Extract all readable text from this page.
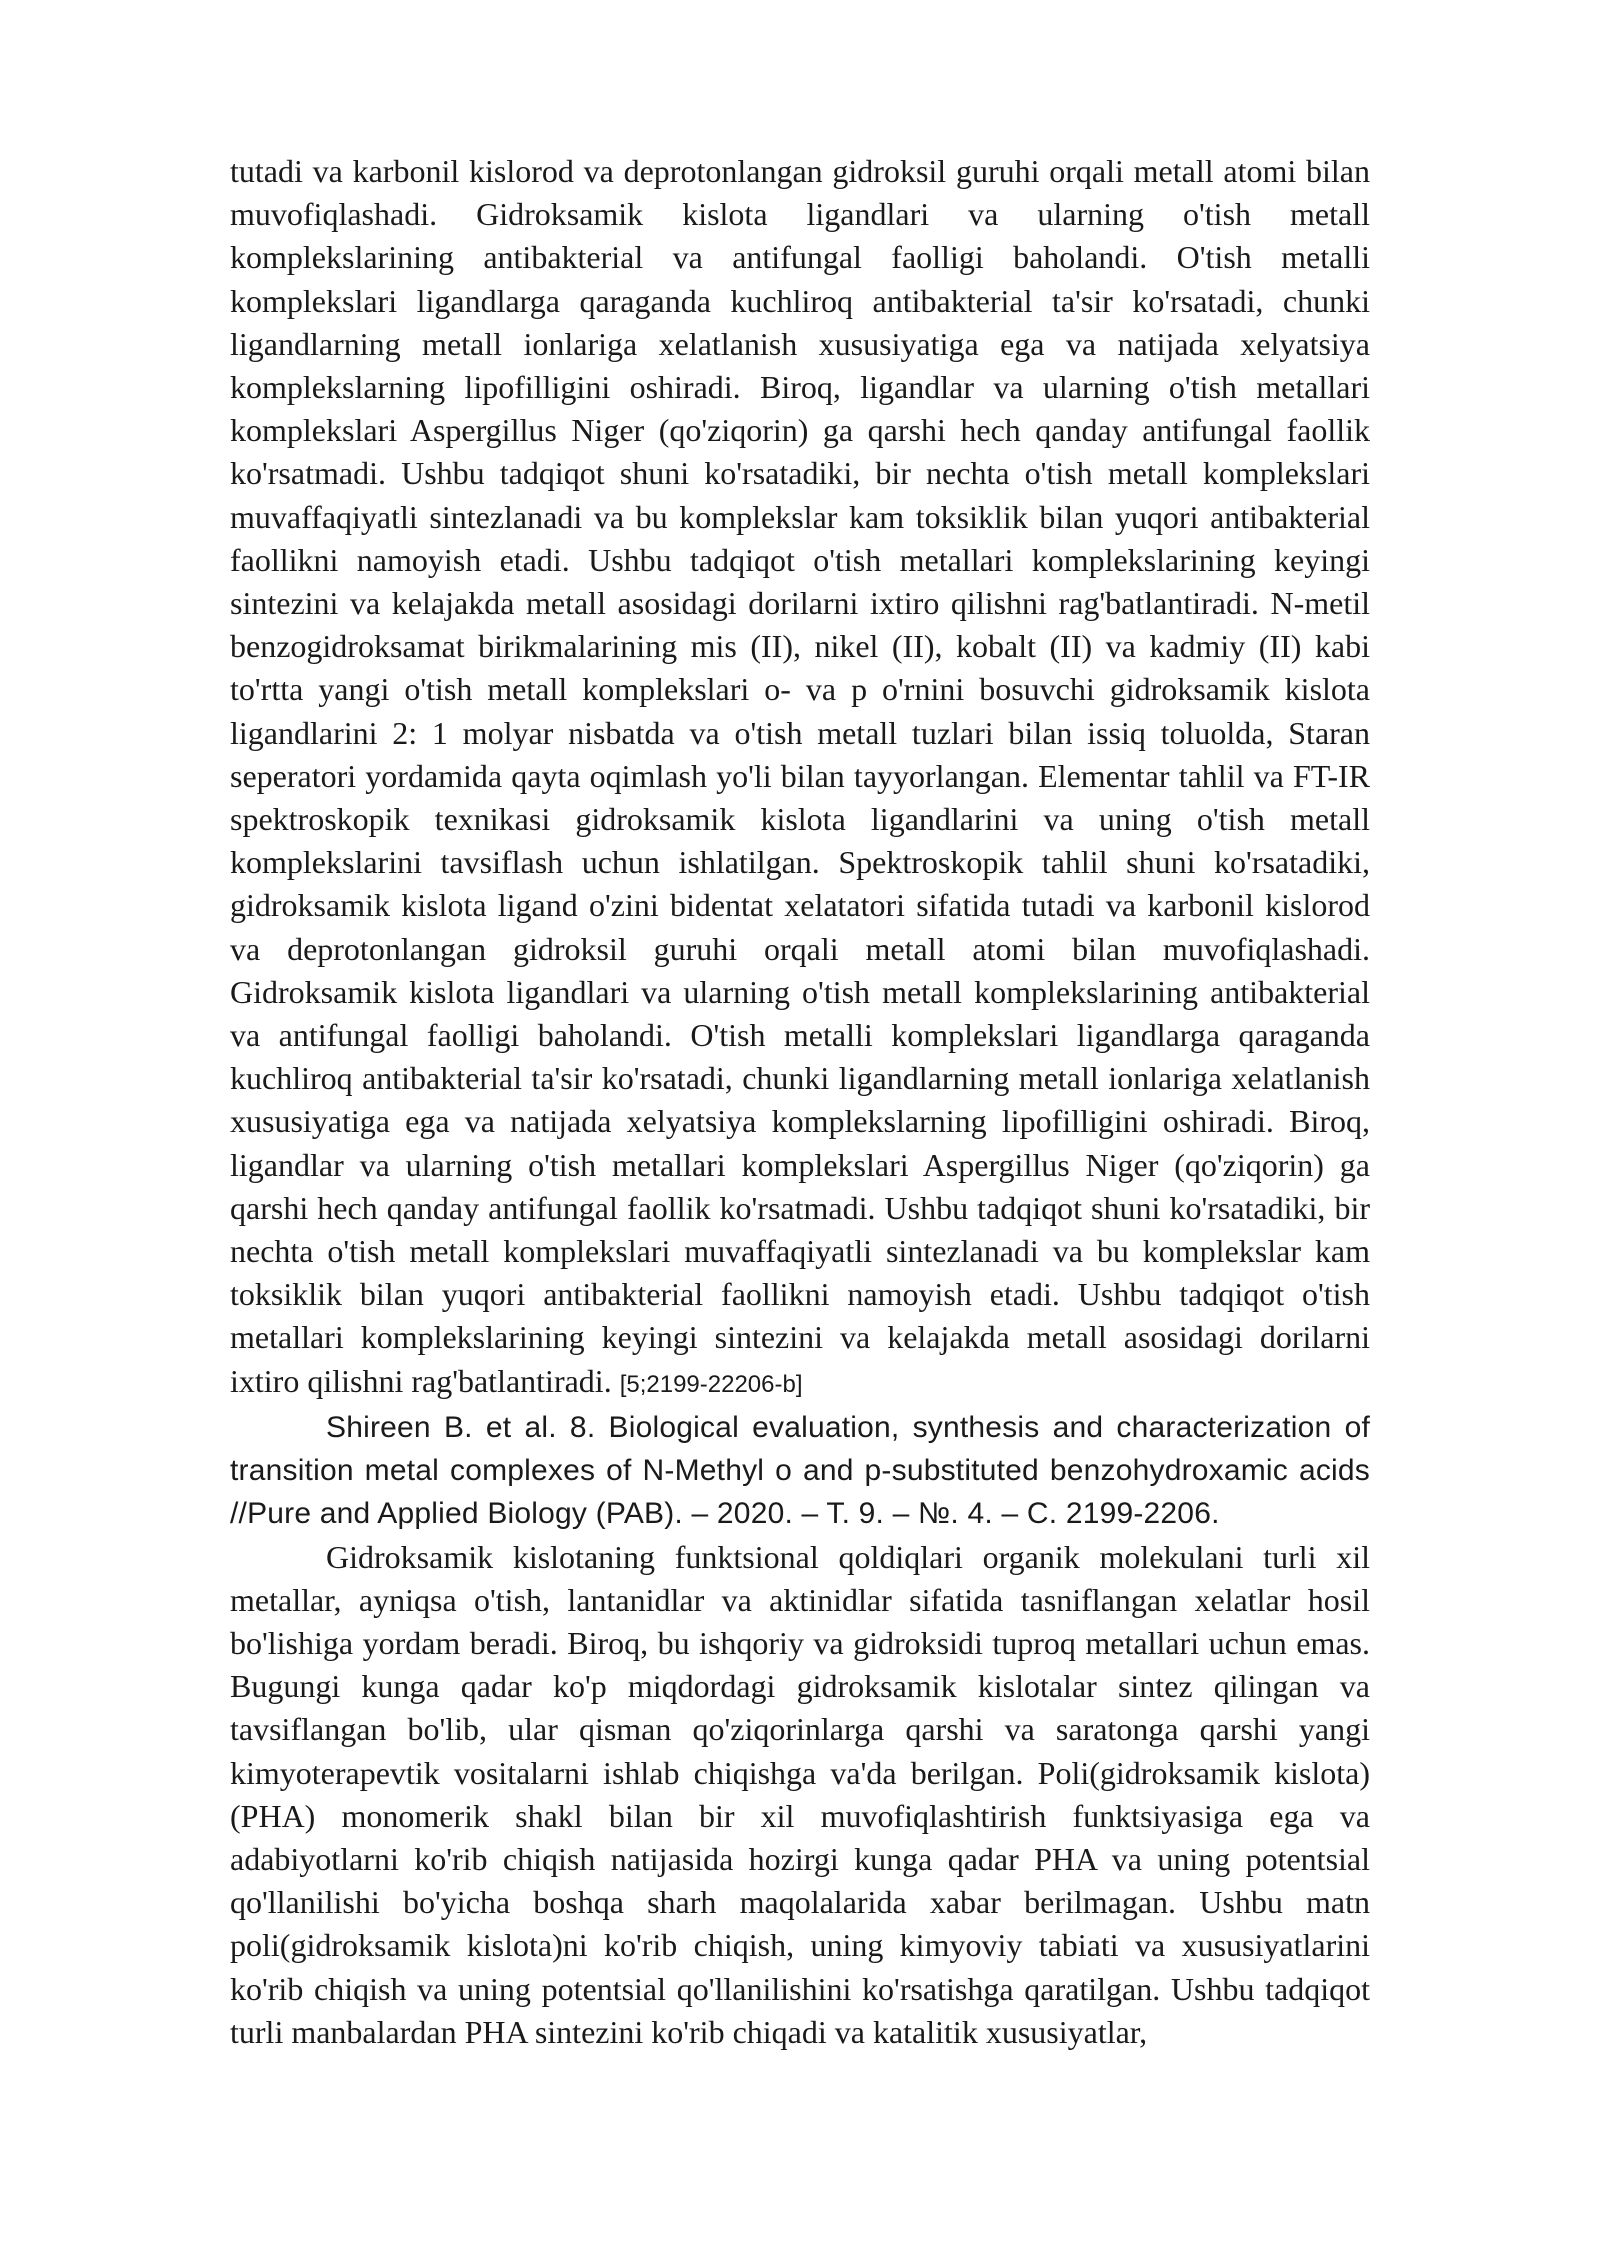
tutadi va karbonil kislorod va deprotonlangan gidroksil guruhi orqali metall atomi bilan muvofiqlashadi. Gidroksamik kislota ligandlari va ularning o'tish metall komplekslarining antibakterial va antifungal faolligi baholandi. O'tish metalli komplekslari ligandlarga qaraganda kuchliroq antibakterial ta'sir ko'rsatadi, chunki ligandlarning metall ionlariga xelatlanish xususiyatiga ega va natijada xelyatsiya komplekslarning lipofilligini oshiradi. Biroq, ligandlar va ularning o'tish metallari komplekslari Aspergillus Niger (qo'ziqorin) ga qarshi hech qanday antifungal faollik ko'rsatmadi. Ushbu tadqiqot shuni ko'rsatadiki, bir nechta o'tish metall komplekslari muvaffaqiyatli sintezlanadi va bu komplekslar kam toksiklik bilan yuqori antibakterial faollikni namoyish etadi. Ushbu tadqiqot o'tish metallari komplekslarining keyingi sintezini va kelajakda metall asosidagi dorilarni ixtiro qilishni rag'batlantiradi. N-metil benzogidroksamat birikmalarining mis (II), nikel (II), kobalt (II) va kadmiy (II) kabi to'rtta yangi o'tish metall komplekslari o- va p o'rnini bosuvchi gidroksamik kislota ligandlarini 2: 1 molyar nisbatda va o'tish metall tuzlari bilan issiq toluolda, Staran seperatori yordamida qayta oqimlash yo'li bilan tayyorlangan. Elementar tahlil va FT-IR spektroskopik texnikasi gidroksamik kislota ligandlarini va uning o'tish metall komplekslarini tavsiflash uchun ishlatilgan. Spektroskopik tahlil shuni ko'rsatadiki, gidroksamik kislota ligand o'zini bidentat xelatatori sifatida tutadi va karbonil kislorod va deprotonlangan gidroksil guruhi orqali metall atomi bilan muvofiqlashadi. Gidroksamik kislota ligandlari va ularning o'tish metall komplekslarining antibakterial va antifungal faolligi baholandi. O'tish metalli komplekslari ligandlarga qaraganda kuchliroq antibakterial ta'sir ko'rsatadi, chunki ligandlarning metall ionlariga xelatlanish xususiyatiga ega va natijada xelyatsiya komplekslarning lipofilligini oshiradi. Biroq, ligandlar va ularning o'tish metallari komplekslari Aspergillus Niger (qo'ziqorin) ga qarshi hech qanday antifungal faollik ko'rsatmadi. Ushbu tadqiqot shuni ko'rsatadiki, bir nechta o'tish metall komplekslari muvaffaqiyatli sintezlanadi va bu komplekslar kam toksiklik bilan yuqori antibakterial faollikni namoyish etadi. Ushbu tadqiqot o'tish metallari komplekslarining keyingi sintezini va kelajakda metall asosidagi dorilarni ixtiro qilishni rag'batlantiradi. [5;2199-22206-b]

Shireen B. et al. 8. Biological evaluation, synthesis and characterization of transition metal complexes of N-Methyl o and p-substituted benzohydroxamic acids //Pure and Applied Biology (PAB). – 2020. – T. 9. – №. 4. – C. 2199-2206.

Gidroksamik kislotaning funktsional qoldiqlari organik molekulani turli xil metallar, ayniqsa o'tish, lantanidlar va aktinidlar sifatida tasniflangan xelatlar hosil bo'lishiga yordam beradi. Biroq, bu ishqoriy va gidroksidi tuproq metallari uchun emas. Bugungi kunga qadar ko'p miqdordagi gidroksamik kislotalar sintez qilingan va tavsiflangan bo'lib, ular qisman qo'ziqorinlarga qarshi va saratonga qarshi yangi kimyoterapevtik vositalarni ishlab chiqishga va'da berilgan. Poli(gidroksamik kislota) (PHA) monomerik shakl bilan bir xil muvofiqlashtirish funktsiyasiga ega va adabiyotlarni ko'rib chiqish natijasida hozirgi kunga qadar PHA va uning potentsial qo'llanilishi bo'yicha boshqa sharh maqolalarida xabar berilmagan. Ushbu matn poli(gidroksamik kislota)ni ko'rib chiqish, uning kimyoviy tabiati va xususiyatlarini ko'rib chiqish va uning potentsial qo'llanilishini ko'rsatishga qaratilgan. Ushbu tadqiqot turli manbalardan PHA sintezini ko'rib chiqadi va katalitik xususiyatlar,
